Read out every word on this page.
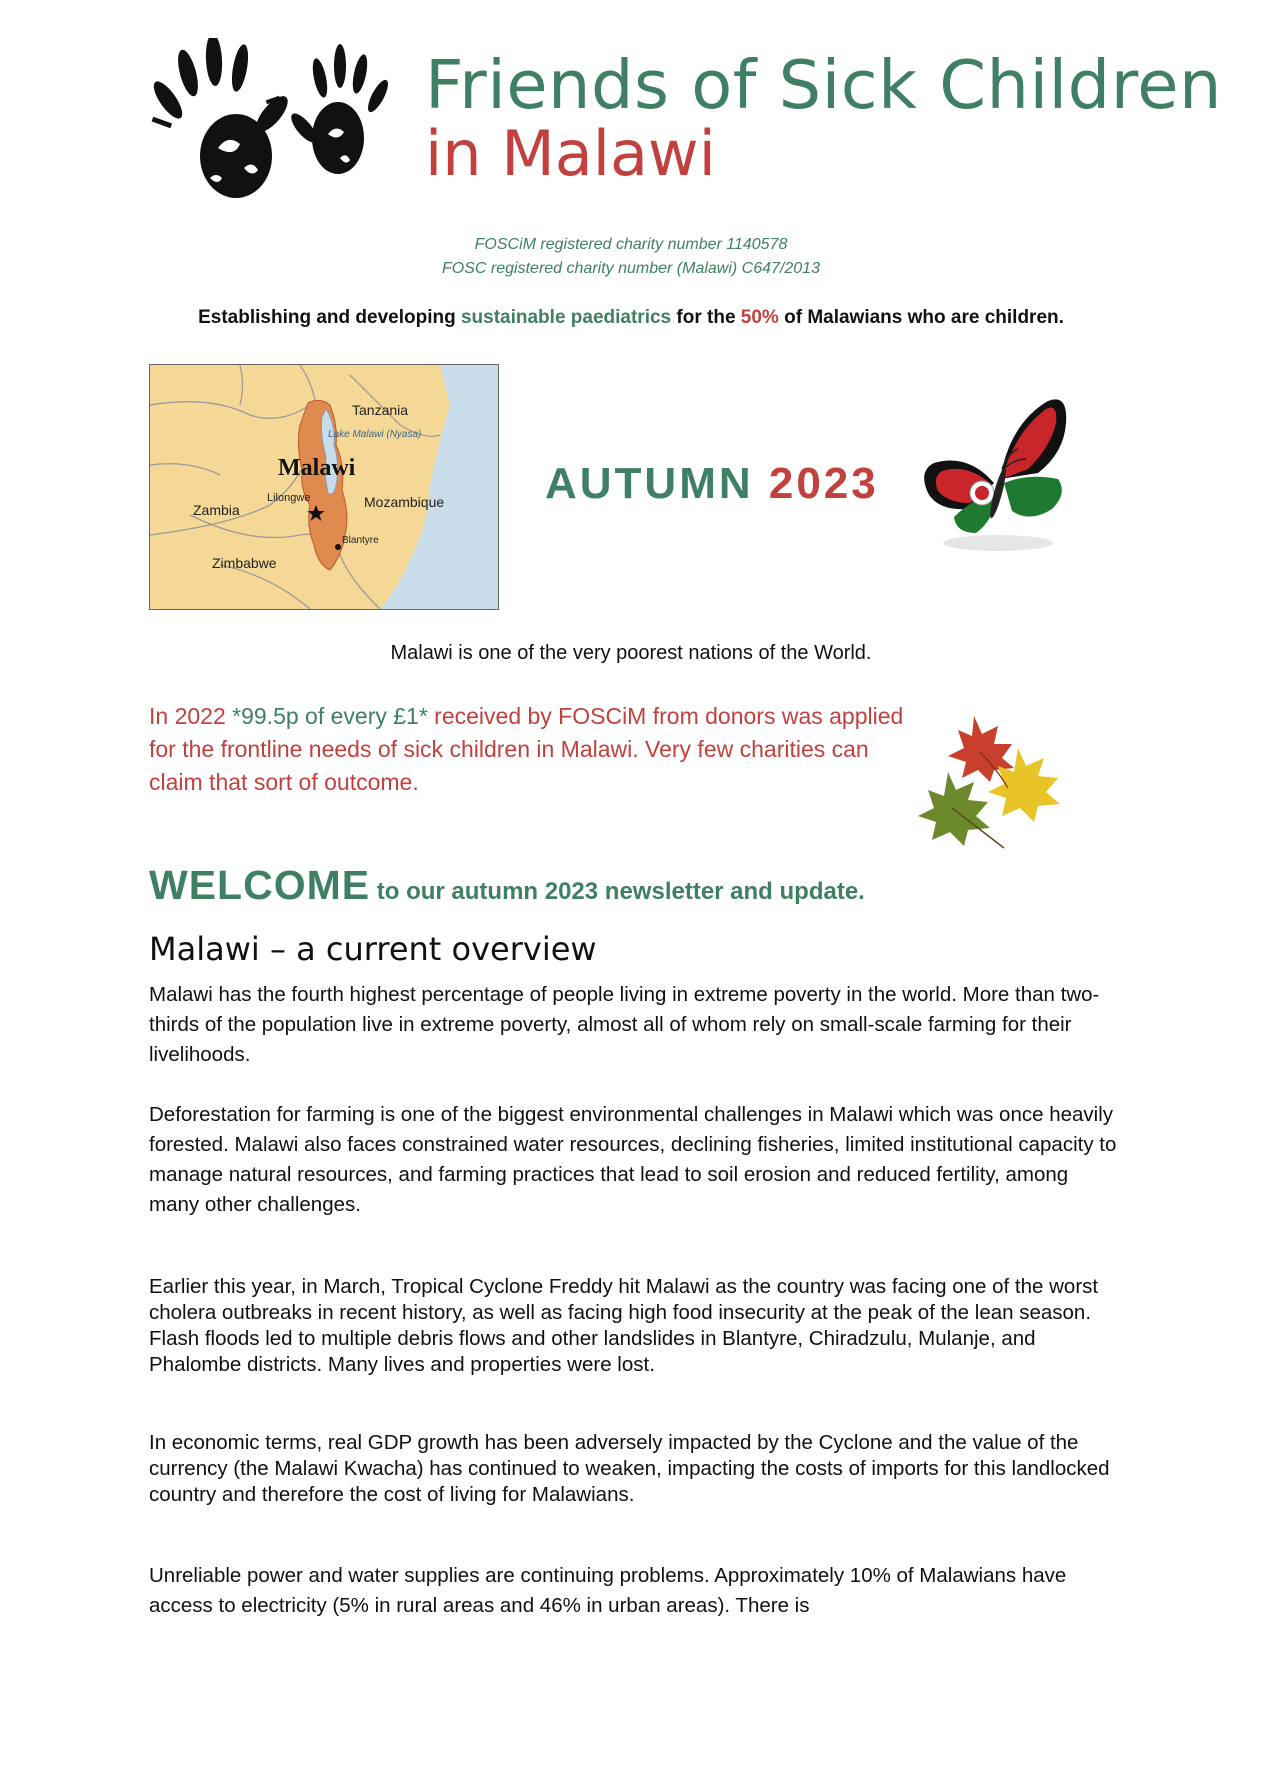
Friends of Sick Children
in Malawi
FOSCiM registered charity number 1140578
FOSC registered charity number (Malawi) C647/2013
Establishing and developing sustainable paediatrics for the 50% of Malawians who are children.
Tanzania
Lake Malawi (Nyasa)
Malawi
Lilongwe
Zambia	Mozambique
Blantyre
Zimbabwe
AUTUMN 2023
Malawi is one of the very poorest nations of the World.
In 2022 *99.5p of every £1* received by FOSCiM from donors was applied for the frontline needs of sick children in Malawi. Very few charities can claim that sort of outcome.
WELCOME to our autumn 2023 newsletter and update.
Malawi – a current overview
Malawi has the fourth highest percentage of people living in extreme poverty in the world. More than two-thirds of the population live in extreme poverty, almost all of whom rely on small-scale farming for their livelihoods.
Deforestation for farming is one of the biggest environmental challenges in Malawi which was once heavily forested. Malawi also faces constrained water resources, declining fisheries, limited institutional capacity to manage natural resources, and farming practices that lead to soil erosion and reduced fertility, among many other challenges.
Earlier this year, in March, Tropical Cyclone Freddy hit Malawi as the country was facing one of the worst cholera outbreaks in recent history, as well as facing high food insecurity at the peak of the lean season. Flash floods led to multiple debris flows and other landslides in Blantyre, Chiradzulu, Mulanje, and Phalombe districts. Many lives and properties were lost.
In economic terms, real GDP growth has been adversely impacted by the Cyclone and the value of the currency (the Malawi Kwacha) has continued to weaken, impacting the costs of imports for this landlocked country and therefore the cost of living for Malawians.
Unreliable power and water supplies are continuing problems. Approximately 10% of Malawians have access to electricity (5% in rural areas and 46% in urban areas). There is
